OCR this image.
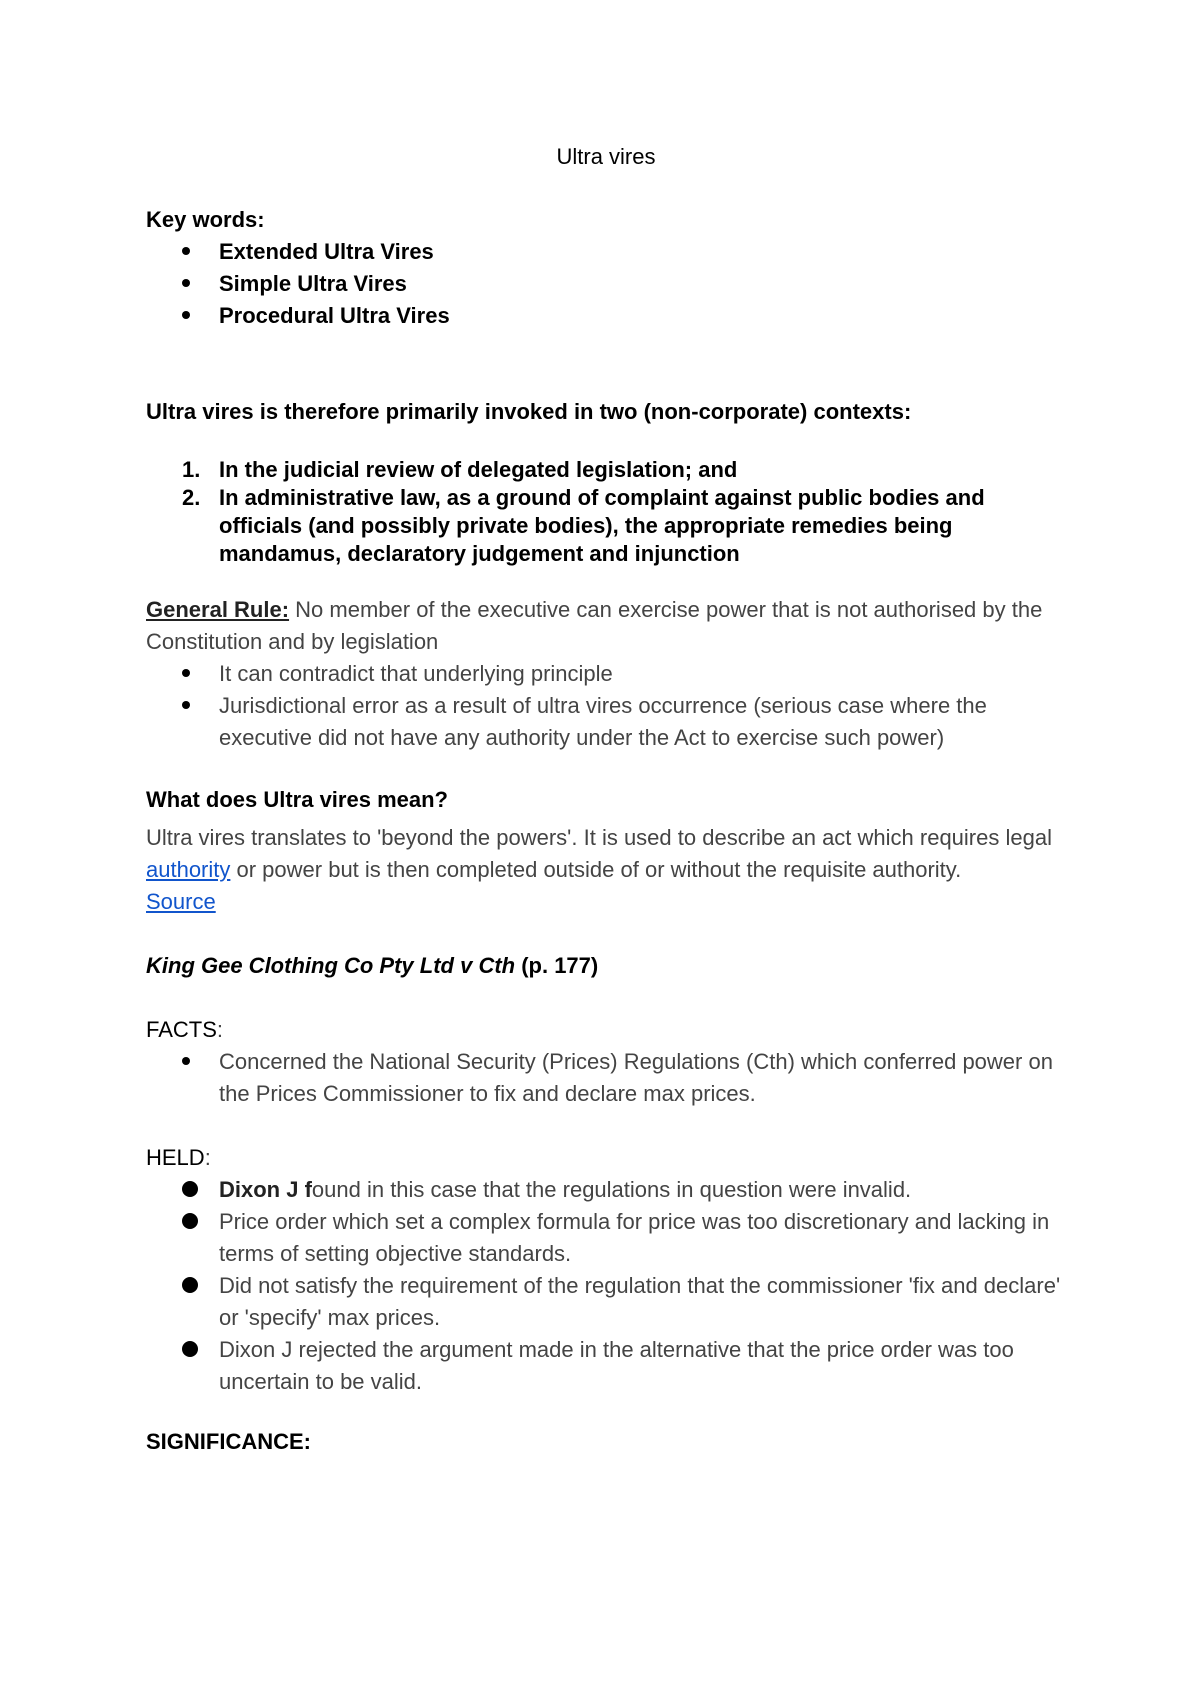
Ultra vires
Key words:
Extended Ultra Vires
Simple Ultra Vires
Procedural Ultra Vires
Ultra vires is therefore primarily invoked in two (non-corporate) contexts:
1. In the judicial review of delegated legislation; and
2. In administrative law, as a ground of complaint against public bodies and officials (and possibly private bodies), the appropriate remedies being mandamus, declaratory judgement and injunction
General Rule: No member of the executive can exercise power that is not authorised by the Constitution and by legislation
It can contradict that underlying principle
Jurisdictional error as a result of ultra vires occurrence (serious case where the executive did not have any authority under the Act to exercise such power)
What does Ultra vires mean?
Ultra vires translates to 'beyond the powers'. It is used to describe an act which requires legal authority or power but is then completed outside of or without the requisite authority.
Source
King Gee Clothing Co Pty Ltd v Cth (p. 177)
FACTS:
Concerned the National Security (Prices) Regulations (Cth) which conferred power on the Prices Commissioner to fix and declare max prices.
HELD:
Dixon J found in this case that the regulations in question were invalid.
Price order which set a complex formula for price was too discretionary and lacking in terms of setting objective standards.
Did not satisfy the requirement of the regulation that the commissioner 'fix and declare' or 'specify' max prices.
Dixon J rejected the argument made in the alternative that the price order was too uncertain to be valid.
SIGNIFICANCE:
